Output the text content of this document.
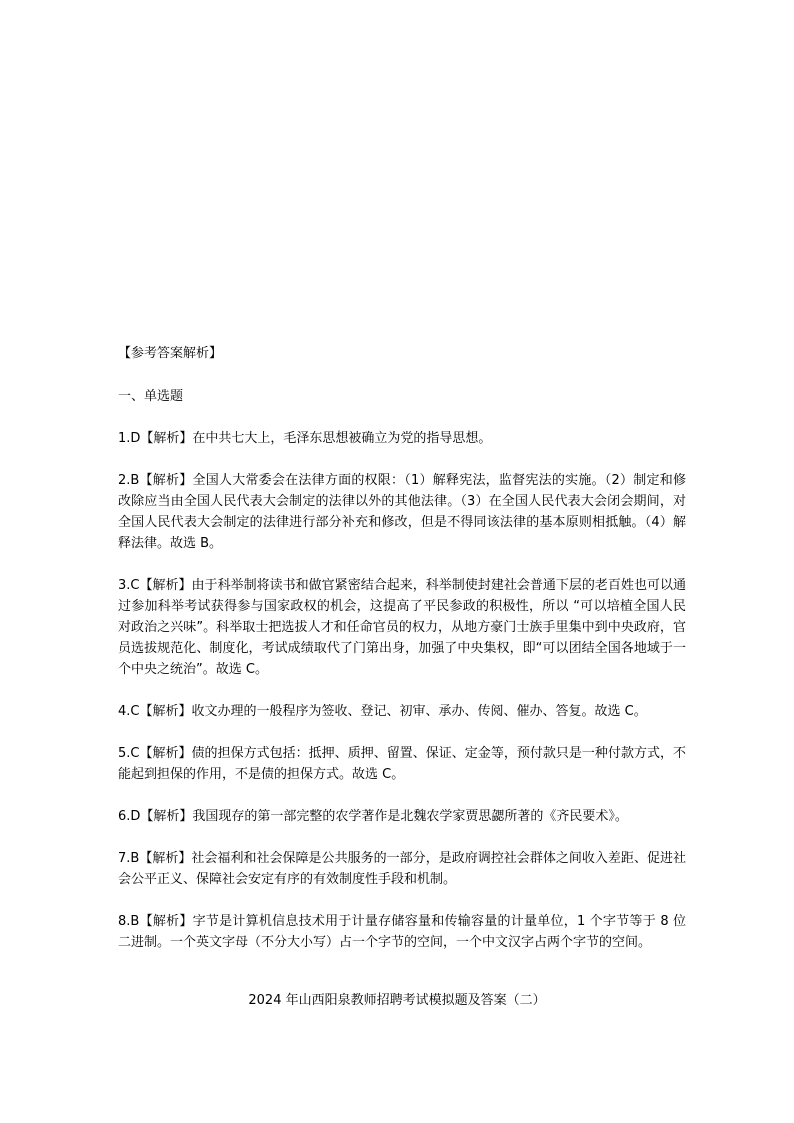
【参考答案解析】

一、单选题

1.D【解析】在中共七大上，毛泽东思想被确立为党的指导思想。

2.B【解析】全国人大常委会在法律方面的权限：（1）解释宪法，监督宪法的实施。（2）制定和修改除应当由全国人民代表大会制定的法律以外的其他法律。（3）在全国人民代表大会闭会期间，对全国人民代表大会制定的法律进行部分补充和修改，但是不得同该法律的基本原则相抵触。（4）解释法律。故选 B。

3.C【解析】由于科举制将读书和做官紧密结合起来，科举制使封建社会普通下层的老百姓也可以通过参加科举考试获得参与国家政权的机会，这提高了平民参政的积极性，所以 “可以培植全国人民对政治之兴味”。科举取士把选拔人才和任命官员的权力，从地方豪门士族手里集中到中央政府，官员选拔规范化、制度化，考试成绩取代了门第出身，加强了中央集权，即“可以团结全国各地域于一个中央之统治”。故选 C。

4.C【解析】收文办理的一般程序为签收、登记、初审、承办、传阅、催办、答复。故选 C。

5.C【解析】债的担保方式包括：抵押、质押、留置、保证、定金等，预付款只是一种付款方式，不能起到担保的作用，不是债的担保方式。故选 C。

6.D【解析】我国现存的第一部完整的农学著作是北魏农学家贾思勰所著的《齐民要术》。

7.B【解析】社会福利和社会保障是公共服务的一部分，是政府调控社会群体之间收入差距、促进社会公平正义、保障社会安定有序的有效制度性手段和机制。

8.B【解析】字节是计算机信息技术用于计量存储容量和传输容量的计量单位，1 个字节等于 8 位二进制。一个英文字母（不分大小写）占一个字节的空间，一个中文汉字占两个字节的空间。

2024 年山西阳泉教师招聘考试模拟题及答案（二）
